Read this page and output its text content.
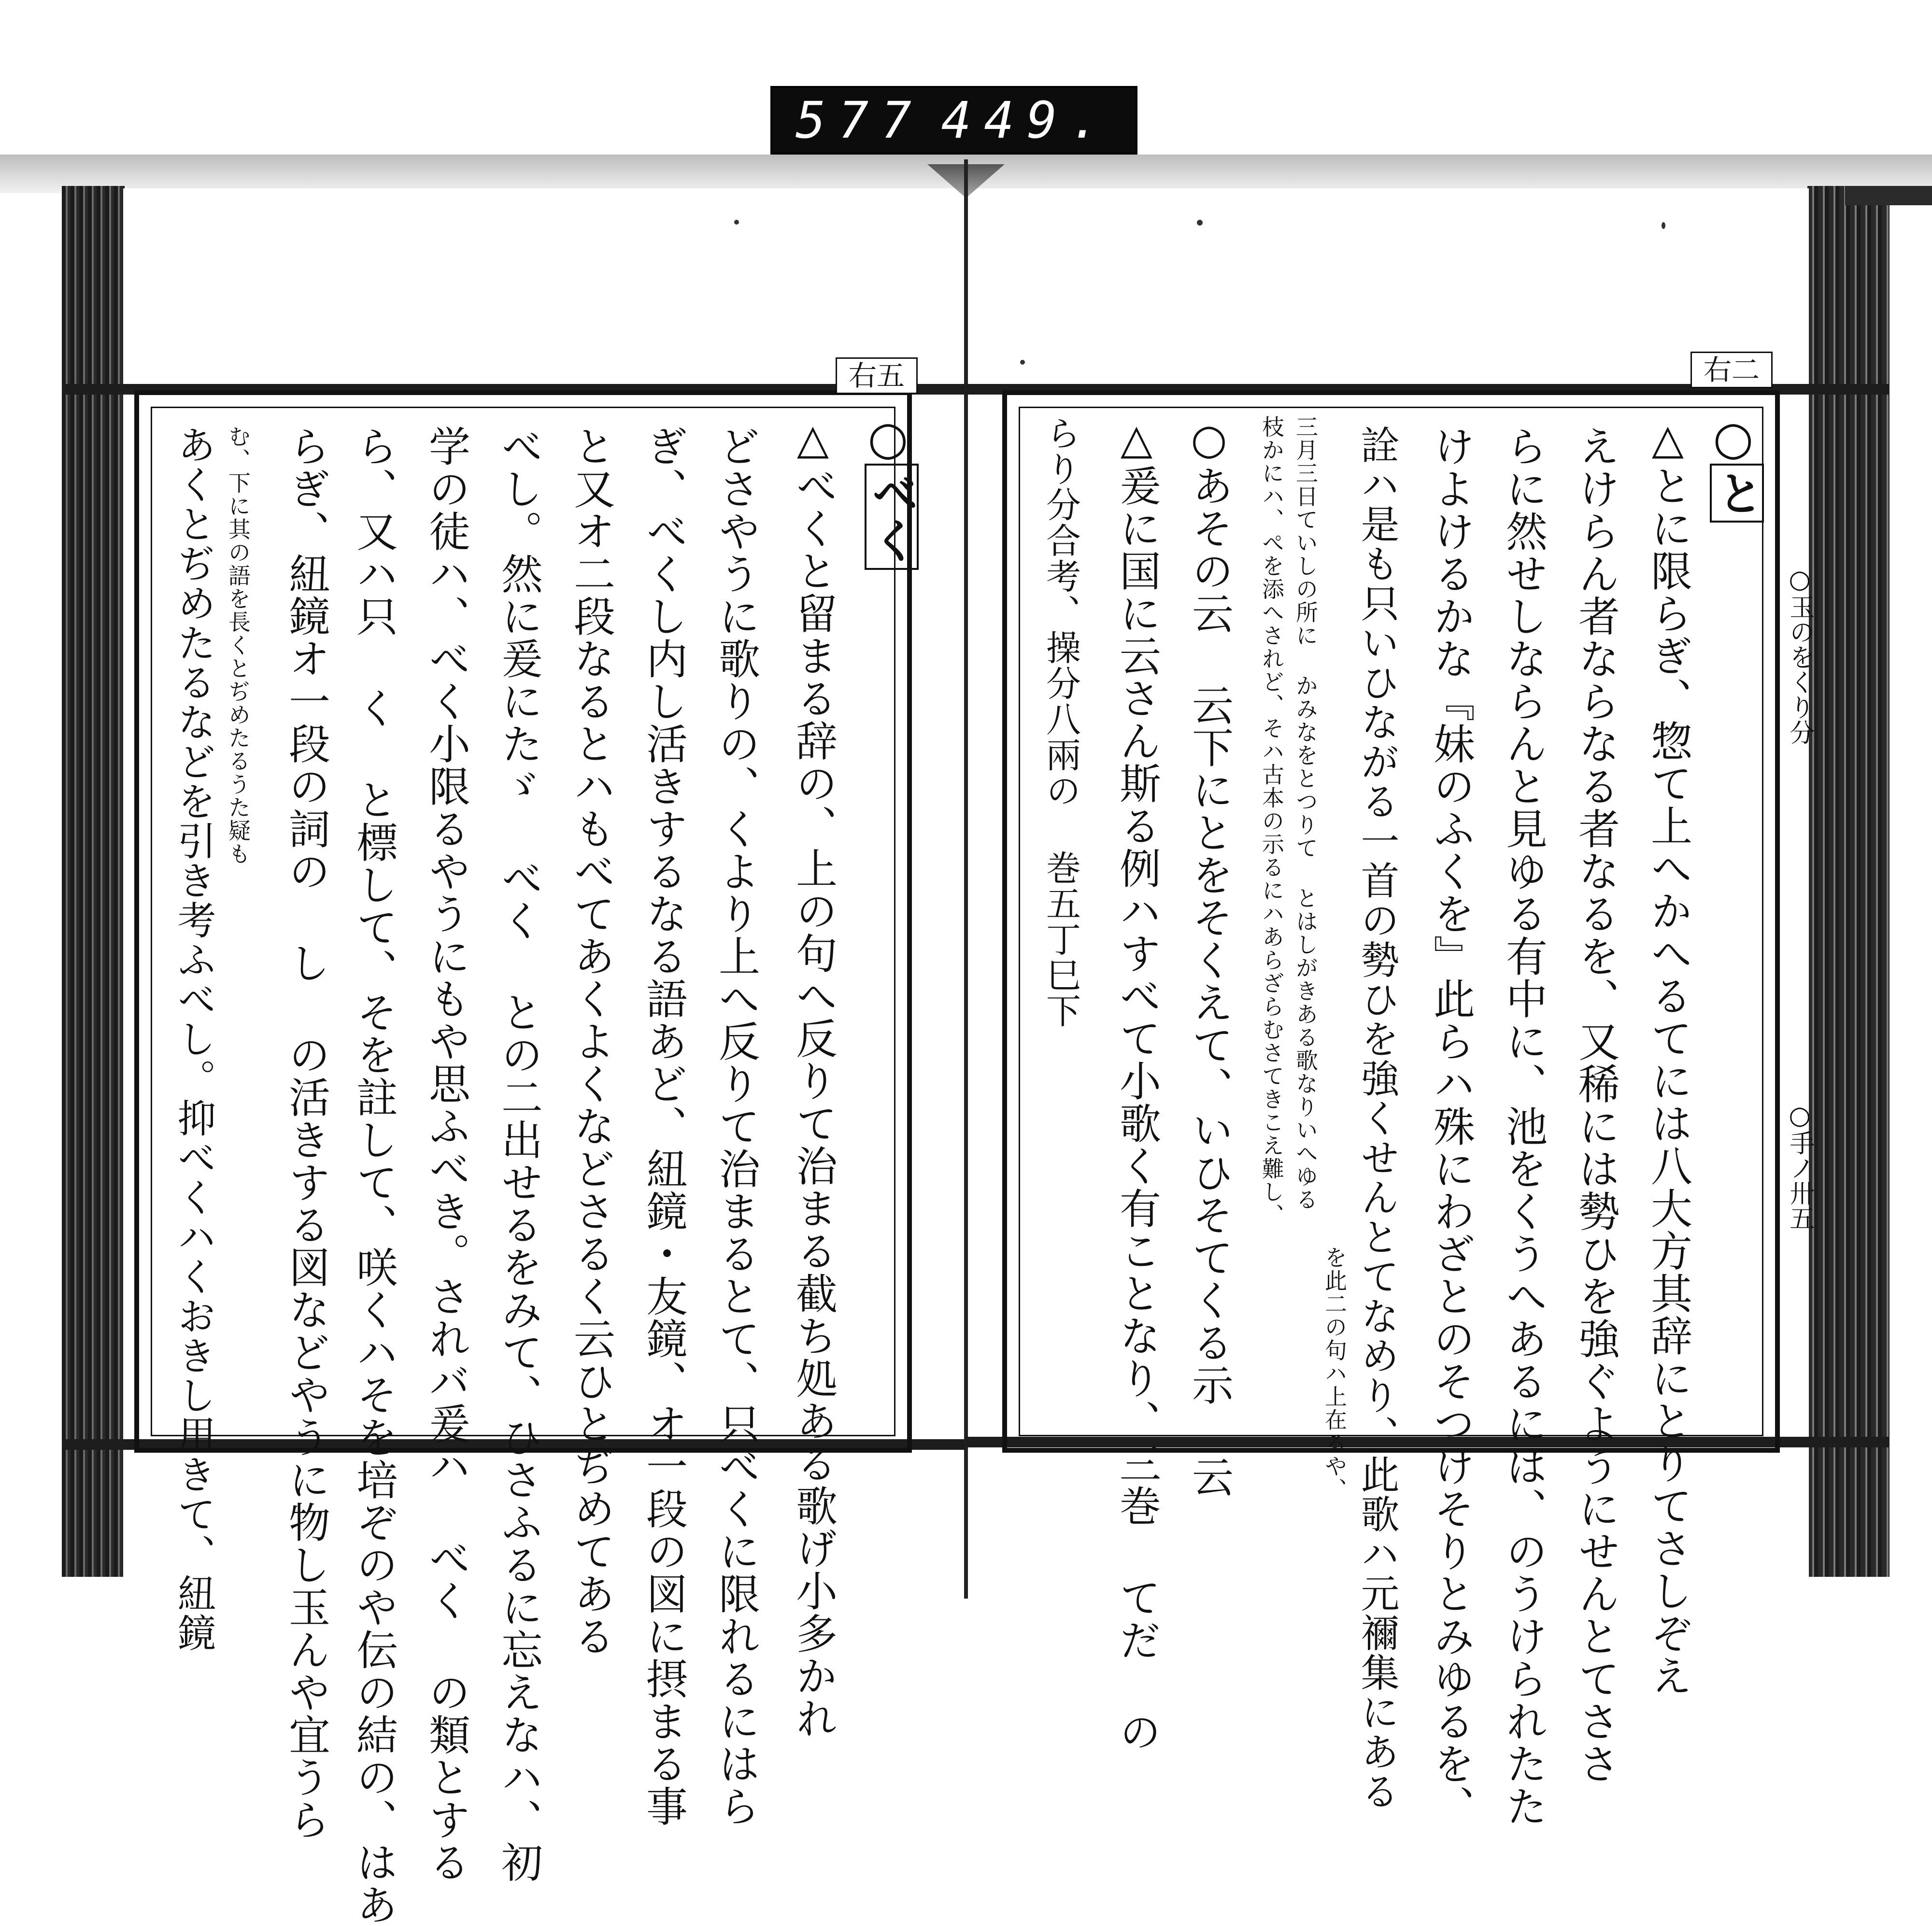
577 449.
右五
○
べく
△べくと留まる辞の、上の句へ反りて治まる截ち処ある歌げ小多かれ
どさやうに歌りの、くより上へ反りて治まるとて、只べくに限れるにはら
ぎ、べくし内し活きするなる語あど、紐鏡・友鏡、オ一段の図に摂まる事
と又オ二段なるとハもべてあくよくなどさるく云ひとぢめてある
べし。然に爰にたゞ べく との二出せるをみて、ひさふるに忘えなハ、初
学の徒ハ、べく小限るやうにもや思ふべき。されバ爰ハ べく の類とする
ら、又ハ只 く と標して、そを註して、咲くハそを培ぞのや伝の結の、はあ
らぎ、紐鏡オ一段の詞の し の活きする図などやうに物し玉んや宜うら
む、下に其の語を長くとぢめたるうた疑も
あくとぢめたるなどを引き考ふべし。抑べくハくおきし用きて、紐鏡
右二
○
と
○玉のをくり分
○手ノ卅五
△とに限らぎ、惣て上へかへるてには八大方其辞にとりてさしぞえ
えけらん者ならなる者なるを、又稀には勢ひを強ぐようにせんとてささ
らに然せしならんと見ゆる有中に、池をくうへあるには、のうけられたた
けよけるかな『妹のふくを』此らハ殊にわざとのそつけそりとみゆるを、
詮ハ是も只いひながる一首の勢ひを強くせんとてなめり、此歌ハ元禰集にある
三月三日ていしの所に かみなをとつりて とはしがきある歌なりいへゆる
を此二の句ハ上在るや、
枝かにハ、ぺを添へされど、そハ古本の示るにハあらざらむさてきこえ難し、
○あその云 云下にとをそくえて、いひそてくる示 云
△爰に国に云さん斯る例ハすべて小歌く有ことなり、三巻 てだ の
らり分合考、操分八兩の 巻五丁巳下
